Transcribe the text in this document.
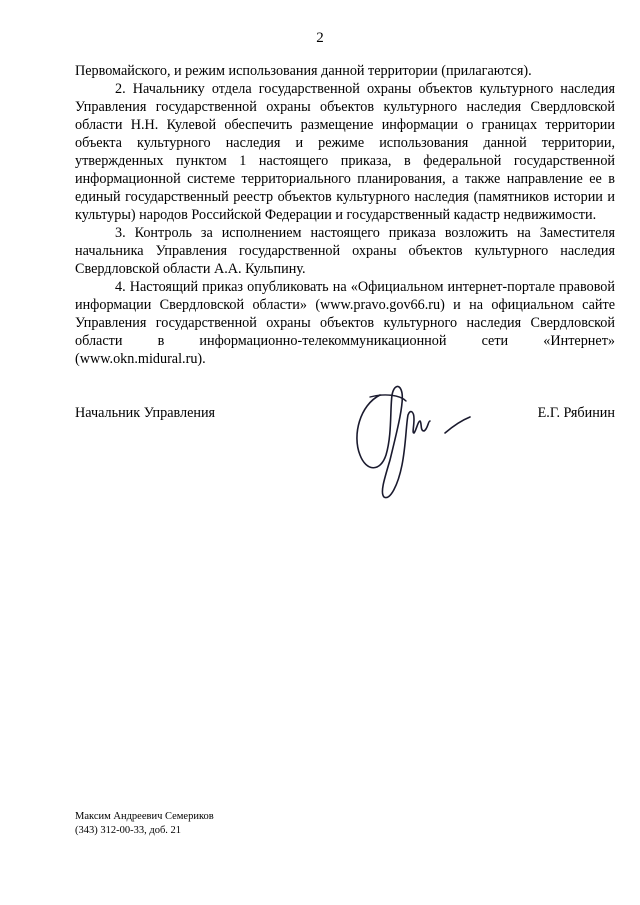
2

Первомайского, и режим использования данной территории (прилагаются).

2. Начальнику отдела государственной охраны объектов культурного наследия Управления государственной охраны объектов культурного наследия Свердловской области Н.Н. Кулевой обеспечить размещение информации о границах территории объекта культурного наследия и режиме использования данной территории, утвержденных пунктом 1 настоящего приказа, в федеральной государственной информационной системе территориального планирования, а также направление ее в единый государственный реестр объектов культурного наследия (памятников истории и культуры) народов Российской Федерации и государственный кадастр недвижимости.

3. Контроль за исполнением настоящего приказа возложить на Заместителя начальника Управления государственной охраны объектов культурного наследия Свердловской области А.А. Кульпину.

4. Настоящий приказ опубликовать на «Официальном интернет-портале правовой информации Свердловской области» (www.pravo.gov66.ru) и на официальном сайте Управления государственной охраны объектов культурного наследия Свердловской области в информационно-телекоммуникационной сети «Интернет» (www.okn.midural.ru).

Начальник Управления	Е.Г. Рябинин
Максим Андреевич Семериков
(343) 312-00-33, доб. 21
